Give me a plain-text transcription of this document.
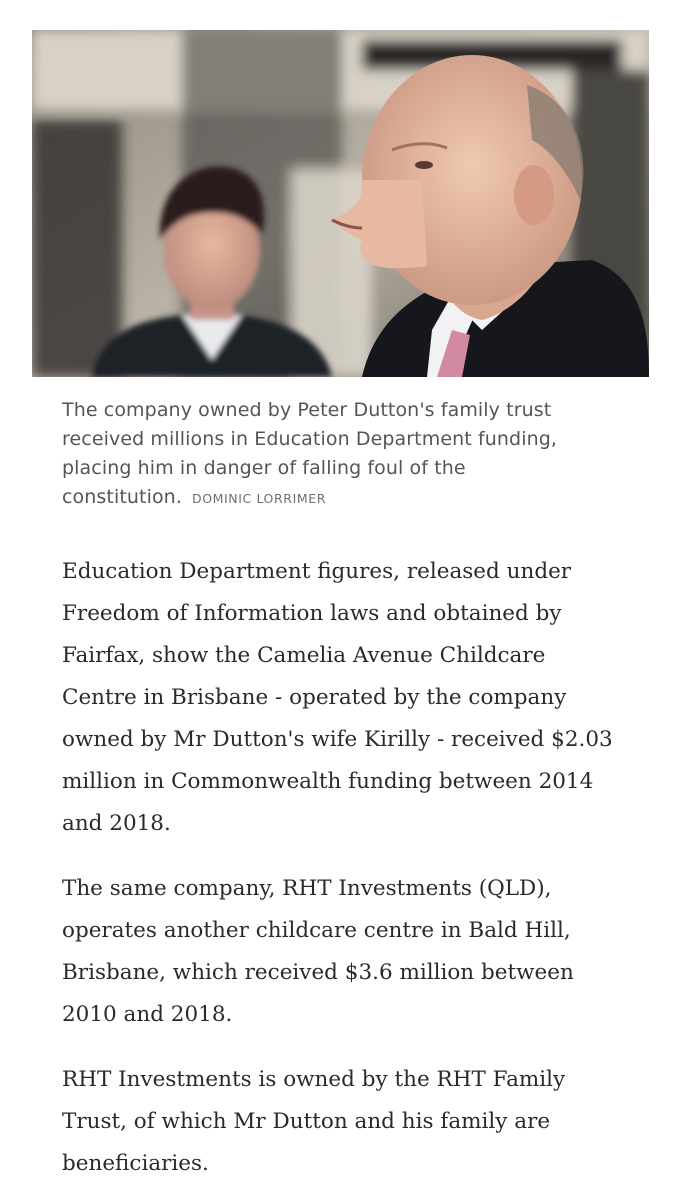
The company owned by Peter Dutton's family trust received millions in Education Department funding, placing him in danger of falling foul of the constitution. DOMINIC LORRIMER

Education Department figures, released under Freedom of Information laws and obtained by Fairfax, show the Camelia Avenue Childcare Centre in Brisbane - operated by the company owned by Mr Dutton's wife Kirilly - received $2.03 million in Commonwealth funding between 2014 and 2018.

The same company, RHT Investments (QLD), operates another childcare centre in Bald Hill, Brisbane, which received $3.6 million between 2010 and 2018.

RHT Investments is owned by the RHT Family Trust, of which Mr Dutton and his family are beneficiaries.
